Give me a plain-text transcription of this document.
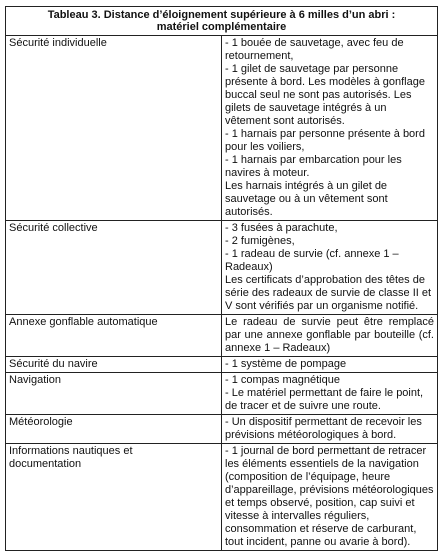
Tableau 3. Distance d’éloignement supérieure à 6 milles d’un abri :
matériel complémentaire	

Sécurité individuelle	- 1 bouée de sauvetage, avec feu de retournement,

- 1 gilet de sauvetage par personne présente à bord. Les modèles à gonflage buccal seul ne sont pas autorisés. Les gilets de sauvetage intégrés à un vêtement sont autorisés.

- 1 harnais par personne présente à bord pour les voiliers,

- 1 harnais par embarcation pour les navires à moteur.

Les harnais intégrés à un gilet de sauvetage ou à un vêtement sont autorisés.

Sécurité collective	- 3 fusées à parachute,

- 2 fumigènes,

- 1 radeau de survie (cf. annexe 1 – Radeaux)

Les certificats d’approbation des têtes de série des radeaux de survie de classe II et V sont vérifiés par un organisme notifié.

Annexe gonflable automatique	Le radeau de survie peut être remplacé par une annexe gonflable par bouteille (cf. annexe 1 – Radeaux)

Sécurité du navire	- 1 système de pompage

Navigation	- 1 compas magnétique

- Le matériel permettant de faire le point, de tracer et de suivre une route.

Météorologie	- Un dispositif permettant de recevoir les prévisions météorologiques à bord.

Informations nautiques et
documentation	- 1 journal de bord permettant de retracer les éléments essentiels de la navigation (composition de l’équipage, heure d’appareillage, prévisions météorologiques et temps observé, position, cap suivi et vitesse à intervalles réguliers, consommation et réserve de carburant, tout incident, panne ou avarie à bord).
